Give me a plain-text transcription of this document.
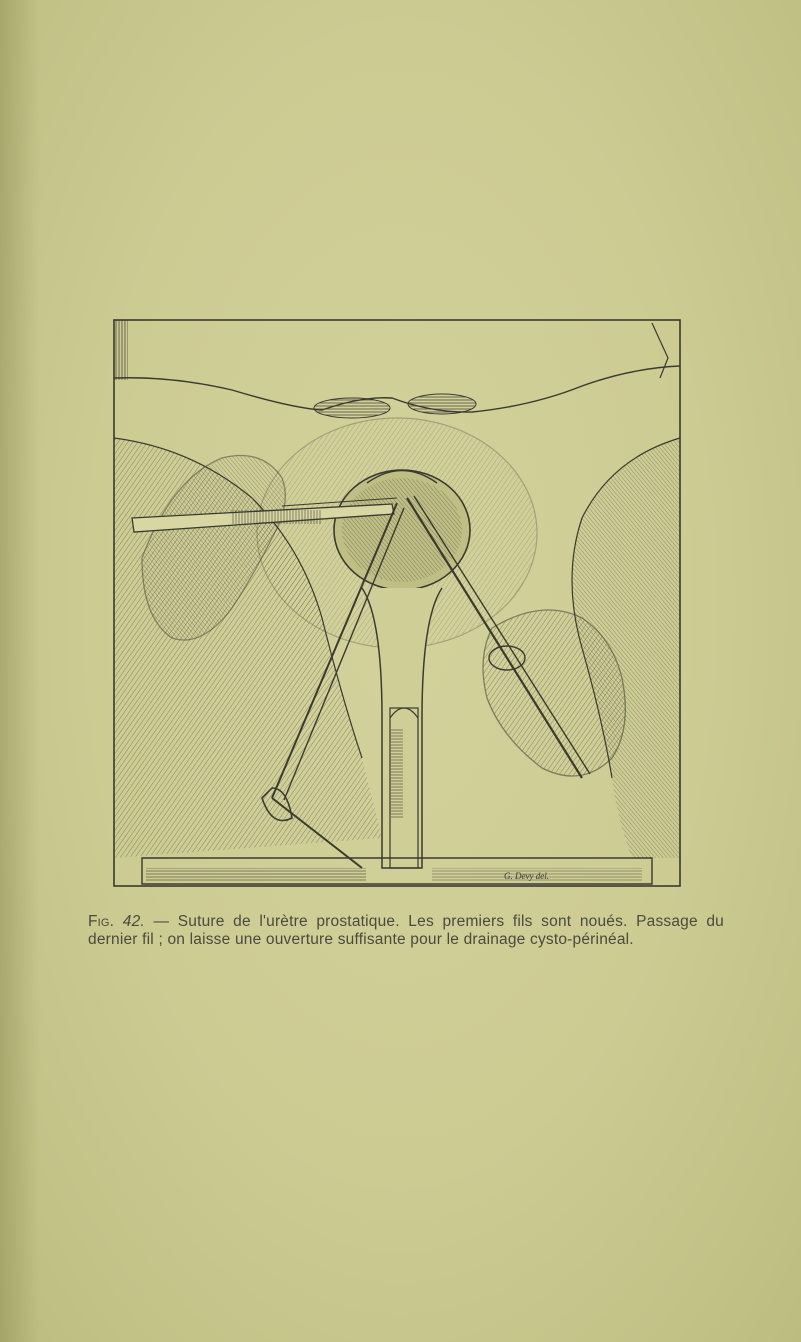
G. Devy del.

Fig. 42. — Suture de l'urètre prostatique. Les premiers fils sont noués. Passage du dernier fil ; on laisse une ouverture suffisante pour le drainage cysto-périnéal.
